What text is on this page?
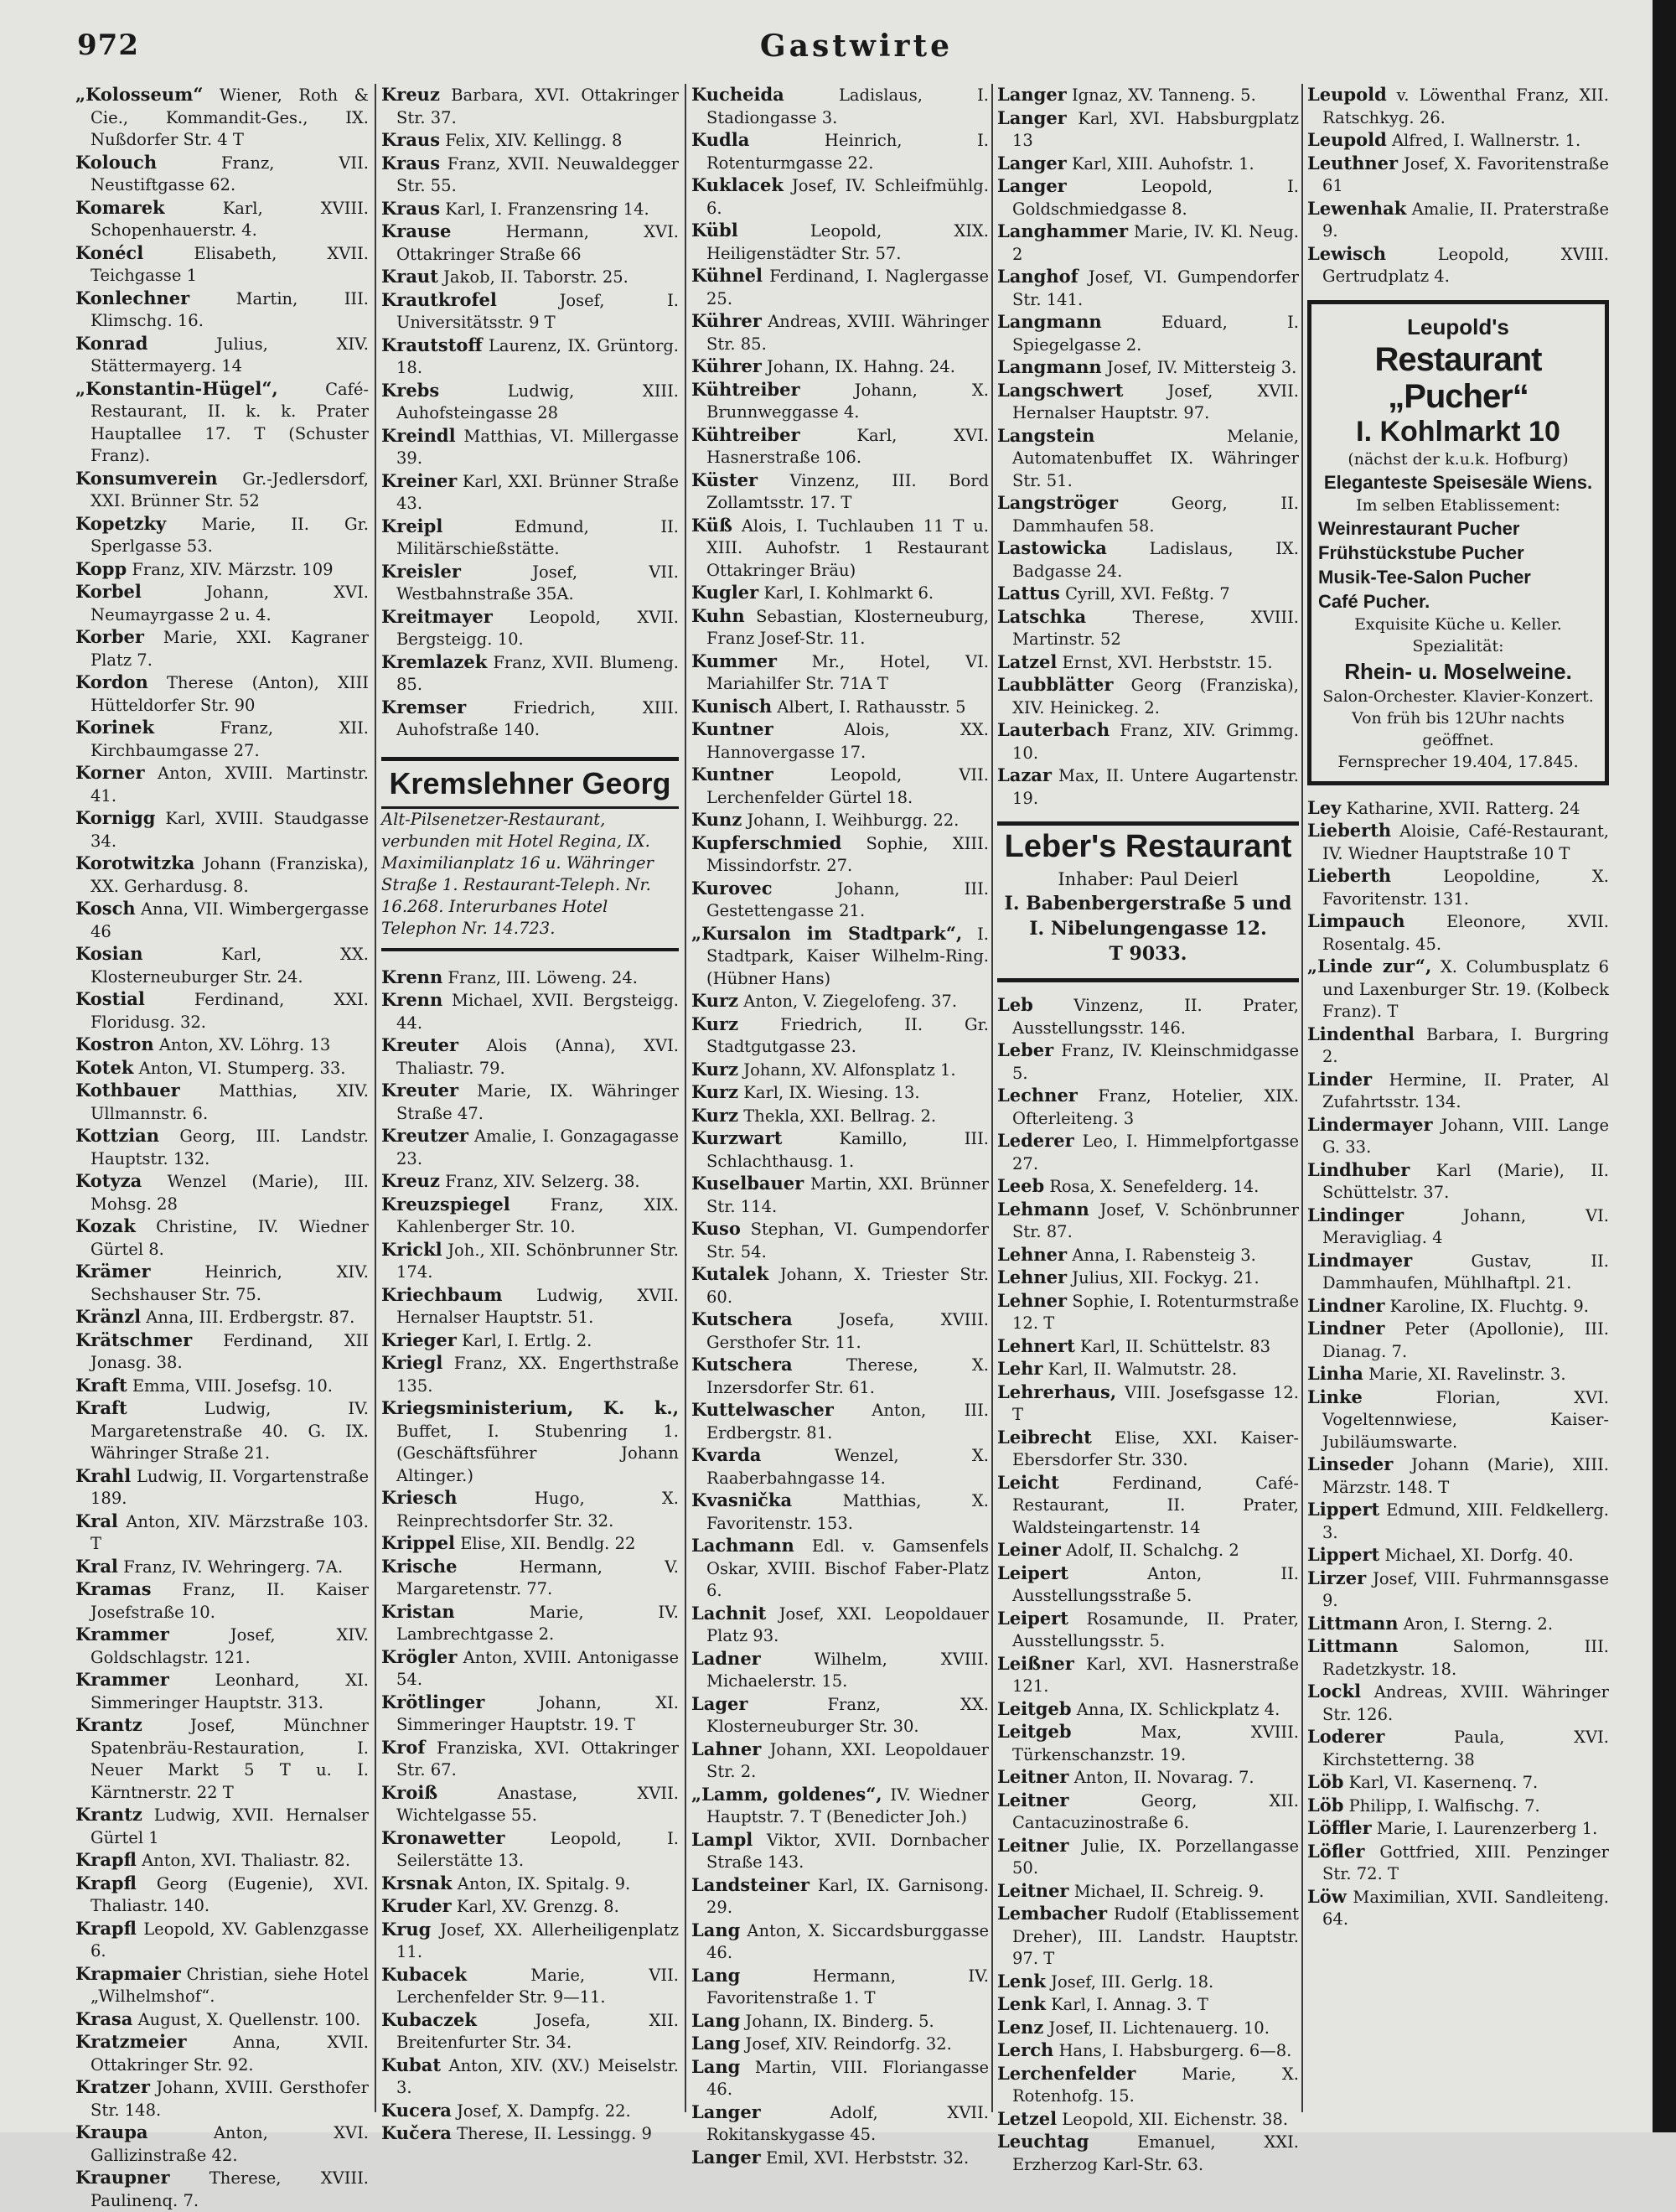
972	Gastwirte
„Kolosseum“ Wiener, Roth & Cie., Kommandit-Ges., IX. Nußdorfer Str. 4 T
Kolouch	Franz, VII. Neustiftgasse 62.
Komarek	Karl, XVIII. Schopenhauerstr. 4.
Konécl	Elisabeth, XVII. Teichgasse 1
Konlechner	Martin, III. Klimschg. 16.
Konrad	Julius, XIV. Stättermayerg. 14
„Konstantin-Hügel“,	Café-Restaurant, II. k. k. Prater Hauptallee 17. T (Schuster Franz).
Konsumverein Gr.-Jedlersdorf, XXI. Brünner Str. 52
Kopetzky Marie, II. Gr. Sperlgasse 53.
Kopp Franz, XIV. Märzstr. 109
Korbel	Johann, XVI. Neumayrgasse 2 u. 4.
Korber Marie, XXI. Kagraner Platz 7.
Kordon Therese (Anton), XIII Hütteldorfer Str. 90
Korinek	Franz, XII. Kirchbaumgasse 27.
Korner Anton, XVIII. Martinstr. 41.
Kornigg Karl, XVIII. Staudgasse 34.
Korotwitzka Johann (Franziska), XX. Gerhardusg. 8.
Kosch Anna, VII. Wimbergergasse 46
Kosian	Karl, XX. Klosterneuburger Str. 24.
Kostial	Ferdinand, XXI. Floridusg. 32.
Kostron Anton, XV. Löhrg. 13
Kotek Anton, VI. Stumperg. 33.
Kothbauer Matthias, XIV. Ullmannstr. 6.
Kottzian Georg, III. Landstr. Hauptstr. 132.
Kotyza Wenzel (Marie), III. Mohsg. 28
Kozak Christine, IV. Wiedner Gürtel 8.
Krämer	Heinrich, XIV. Sechshauser Str. 75.
Kränzl Anna, III. Erdbergstr. 87.
Krätschmer Ferdinand, XII Jonasg. 38.
Kraft Emma, VIII. Josefsg. 10.
Kraft	Ludwig, IV. Margaretenstraße 40. G. IX. Währinger Straße 21.
Krahl Ludwig, II. Vorgartenstraße 189.
Kral Anton, XIV. Märzstraße 103. T
Kral Franz, IV. Wehringerg. 7A.
Kramas Franz, II. Kaiser Josefstraße 10.
Krammer	Josef, XIV. Goldschlagstr. 121.
Krammer	Leonhard, XI. Simmeringer Hauptstr. 313.
Krantz	Josef, Münchner Spatenbräu-Restauration, I. Neuer Markt 5 T u. I. Kärntnerstr. 22 T
Krantz Ludwig, XVII. Hernalser Gürtel 1
Krapfl Anton, XVI. Thaliastr. 82.
Krapfl Georg (Eugenie), XVI. Thaliastr. 140.
Krapfl Leopold, XV. Gablenzgasse 6.
Krapmaier Christian, siehe Hotel „Wilhelmshof“.
Krasa August, X. Quellenstr. 100.
Kratzmeier	Anna, XVII. Ottakringer Str. 92.
Kratzer Johann, XVIII. Gersthofer Str. 148.
Kraupa	Anton, XVI. Gallizinstraße 42.
Kraupner Therese, XVIII. Paulinenq. 7.
Kreuz Barbara, XVI. Ottakringer Str. 37.
Kraus Felix, XIV. Kellingg. 8
Kraus Franz, XVII. Neuwaldegger Str. 55.
Kraus Karl, I. Franzensring 14.
Krause	Hermann, XVI. Ottakringer Straße 66
Kraut Jakob, II. Taborstr. 25.
Krautkrofel	Josef, I. Universitätsstr. 9 T
Krautstoff Laurenz, IX. Grüntorg. 18.
Krebs	Ludwig, XIII. Auhofsteingasse 28
Kreindl Matthias, VI. Millergasse 39.
Kreiner Karl, XXI. Brünner Straße 43.
Kreipl	Edmund, II. Militärschießstätte.
Kreisler	Josef, VII. Westbahnstraße 35A.
Kreitmayer Leopold, XVII. Bergsteigg. 10.
Kremlazek Franz, XVII. Blumeng. 85.
Kremser	Friedrich, XIII. Auhofstraße 140.
Kremslehner Georg
Alt-Pilsenetzer-Restaurant, verbunden mit Hotel Regina, IX. Maximilianplatz 16 u. Währinger Straße 1. Restaurant-Teleph. Nr. 16.268. Interurbanes Hotel Telephon Nr. 14.723.
Krenn Franz, III. Löweng. 24.
Krenn Michael, XVII. Bergsteigg. 44.
Kreuter Alois (Anna), XVI. Thaliastr. 79.
Kreuter Marie, IX. Währinger Straße 47.
Kreutzer Amalie, I. Gonzagagasse 23.
Kreuz Franz, XIV. Selzerg. 38.
Kreuzspiegel Franz, XIX. Kahlenberger Str. 10.
Krickl Joh., XII. Schönbrunner Str. 174.
Kriechbaum Ludwig, XVII. Hernalser Hauptstr. 51.
Krieger Karl, I. Ertlg. 2.
Kriegl Franz, XX. Engerthstraße 135.
Kriegsministerium, K. k., Buffet, I. Stubenring 1. (Geschäftsführer Johann Altinger.)
Kriesch	Hugo, X. Reinprechtsdorfer Str. 32.
Krippel Elise, XII. Bendlg. 22
Krische	Hermann, V. Margaretenstr. 77.
Kristan	Marie, IV. Lambrechtgasse 2.
Krögler Anton, XVIII. Antonigasse 54.
Krötlinger	Johann, XI. Simmeringer Hauptstr. 19. T
Krof Franziska, XVI. Ottakringer Str. 67.
Kroiß	Anastase, XVII. Wichtelgasse 55.
Kronawetter	Leopold, I. Seilerstätte 13.
Krsnak Anton, IX. Spitalg. 9.
Kruder Karl, XV. Grenzg. 8.
Krug Josef, XX. Allerheiligenplatz 11.
Kubacek	Marie, VII. Lerchenfelder Str. 9—11.
Kubaczek	Josefa, XII. Breitenfurter Str. 34.
Kubat Anton, XIV. (XV.) Meiselstr. 3.
Kucera Josef, X. Dampfg. 22.
Kučera Therese, II. Lessingg. 9
Kucheida	Ladislaus, I. Stadiongasse 3.
Kudla	Heinrich, I. Rotenturmgasse 22.
Kuklacek Josef, IV. Schleifmühlg. 6.
Kübl	Leopold, XIX. Heiligenstädter Str. 57.
Kühnel Ferdinand, I. Naglergasse 25.
Kührer Andreas, XVIII. Währinger Str. 85.
Kührer Johann, IX. Hahng. 24.
Kühtreiber	Johann, X. Brunnweggasse 4.
Kühtreiber	Karl, XVI. Hasnerstraße 106.
Küster Vinzenz, III. Bord Zollamtsstr. 17. T
Küß Alois, I. Tuchlauben 11 T u. XIII. Auhofstr. 1 Restaurant Ottakringer Bräu)
Kugler Karl, I. Kohlmarkt 6.
Kuhn Sebastian, Klosterneuburg, Franz Josef-Str. 11.
Kummer Mr., Hotel, VI. Mariahilfer Str. 71A T
Kunisch Albert, I. Rathausstr. 5
Kuntner	Alois, XX. Hannovergasse 17.
Kuntner	Leopold, VII. Lerchenfelder Gürtel 18.
Kunz Johann, I. Weihburgg. 22.
Kupferschmied Sophie, XIII. Missindorfstr. 27.
Kurovec	Johann, III. Gestettengasse 21.
„Kursalon im Stadtpark“, I. Stadtpark, Kaiser Wilhelm-Ring. (Hübner Hans)
Kurz Anton, V. Ziegelofeng. 37.
Kurz	Friedrich, II. Gr. Stadtgutgasse 23.
Kurz Johann, XV. Alfonsplatz 1.
Kurz Karl, IX. Wiesing. 13.
Kurz Thekla, XXI. Bellrag. 2.
Kurzwart	Kamillo, III. Schlachthausg. 1.
Kuselbauer Martin, XXI. Brünner Str. 114.
Kuso Stephan, VI. Gumpendorfer Str. 54.
Kutalek Johann, X. Triester Str. 60.
Kutschera	Josefa, XVIII. Gersthofer Str. 11.
Kutschera	Therese, X. Inzersdorfer Str. 61.
Kuttelwascher Anton, III. Erdbergstr. 81.
Kvarda	Wenzel, X. Raaberbahngasse 14.
Kvasnička	Matthias, X. Favoritenstr. 153.
Lachmann Edl. v. Gamsenfels Oskar, XVIII. Bischof Faber-Platz 6.
Lachnit Josef, XXI. Leopoldauer Platz 93.
Ladner	Wilhelm, XVIII. Michaelerstr. 15.
Lager	Franz, XX. Klosterneuburger Str. 30.
Lahner Johann, XXI. Leopoldauer Str. 2.
„Lamm, goldenes“, IV. Wiedner Hauptstr. 7. T (Benedicter Joh.)
Lampl Viktor, XVII. Dornbacher Straße 143.
Landsteiner Karl, IX. Garnisong. 29.
Lang Anton, X. Siccardsburggasse 46.
Lang	Hermann, IV. Favoritenstraße 1. T
Lang Johann, IX. Binderg. 5.
Lang Josef, XIV. Reindorfg. 32.
Lang Martin, VIII. Floriangasse 46.
Langer	Adolf, XVII. Rokitanskygasse 45.
Langer Emil, XVI. Herbststr. 32.
Langer Ignaz, XV. Tanneng. 5.
Langer Karl, XVI. Habsburgplatz 13
Langer Karl, XIII. Auhofstr. 1.
Langer	Leopold, I. Goldschmiedgasse 8.
Langhammer Marie, IV. Kl. Neug. 2
Langhof Josef, VI. Gumpendorfer Str. 141.
Langmann	Eduard, I. Spiegelgasse 2.
Langmann Josef, IV. Mittersteig 3.
Langschwert	Josef, XVII. Hernalser Hauptstr. 97.
Langstein	Melanie, Automatenbuffet IX. Währinger Str. 51.
Langströger	Georg, II. Dammhaufen 58.
Lastowicka	Ladislaus, IX. Badgasse 24.
Lattus Cyrill, XVI. Feßtg. 7
Latschka	Therese, XVIII. Martinstr. 52
Latzel Ernst, XVI. Herbststr. 15.
Laubblätter Georg (Franziska), XIV. Heinickeg. 2.
Lauterbach Franz, XIV. Grimmg. 10.
Lazar Max, II. Untere Augartenstr. 19.
Leber's Restaurant
Inhaber: Paul Deierl
I. Babenbergerstraße 5 und I. Nibelungengasse 12.
T 9033.
Leb Vinzenz, II. Prater, Ausstellungsstr. 146.
Leber Franz, IV. Kleinschmidgasse 5.
Lechner Franz, Hotelier, XIX. Ofterleiteng. 3
Lederer Leo, I. Himmelpfortgasse 27.
Leeb Rosa, X. Senefelderg. 14.
Lehmann Josef, V. Schönbrunner Str. 87.
Lehner Anna, I. Rabensteig 3.
Lehner Julius, XII. Fockyg. 21.
Lehner Sophie, I. Rotenturmstraße 12. T
Lehnert Karl, II. Schüttelstr. 83
Lehr Karl, II. Walmutstr. 28.
Lehrerhaus, VIII. Josefsgasse 12. T
Leibrecht Elise, XXI. Kaiser-Ebersdorfer Str. 330.
Leicht	Ferdinand, Café-Restaurant, II. Prater, Waldsteingartenstr. 14
Leiner Adolf, II. Schalchg. 2
Leipert	Anton, II. Ausstellungsstraße 5.
Leipert Rosamunde, II. Prater, Ausstellungsstr. 5.
Leißner Karl, XVI. Hasnerstraße 121.
Leitgeb Anna, IX. Schlickplatz 4.
Leitgeb	Max, XVIII. Türkenschanzstr. 19.
Leitner Anton, II. Novarag. 7.
Leitner	Georg, XII. Cantacuzinostraße 6.
Leitner Julie, IX. Porzellangasse 50.
Leitner Michael, II. Schreig. 9.
Lembacher Rudolf (Etablissement Dreher), III. Landstr. Hauptstr. 97. T
Lenk Josef, III. Gerlg. 18.
Lenk Karl, I. Annag. 3. T
Lenz Josef, II. Lichtenauerg. 10.
Lerch Hans, I. Habsburgerg. 6—8.
Lerchenfelder	Marie, X. Rotenhofg. 15.
Letzel Leopold, XII. Eichenstr. 38.
Leuchtag	Emanuel, XXI. Erzherzog Karl-Str. 63.
Leupold v. Löwenthal Franz, XII. Ratschkyg. 26.
Leupold Alfred, I. Wallnerstr. 1.
Leuthner Josef, X. Favoritenstraße 61
Lewenhak Amalie, II. Praterstraße 9.
Lewisch	Leopold, XVIII. Gertrudplatz 4.
Leupold's
Restaurant „Pucher“
I. Kohlmarkt 10
(nächst der k.u.k. Hofburg)
Eleganteste Speisesäle Wiens.
Im selben Etablissement:
Weinrestaurant Pucher
Frühstückstube Pucher
Musik-Tee-Salon Pucher
Café Pucher.
Exquisite Küche u. Keller. Spezialität:
Rhein- u. Moselweine.
Salon-Orchester. Klavier-Konzert. Von früh bis 12Uhr nachts geöffnet.
Fernsprecher 19.404, 17.845.
Ley Katharine, XVII. Ratterg. 24
Lieberth Aloisie, Café-Restaurant, IV. Wiedner Hauptstraße 10 T
Lieberth	Leopoldine, X. Favoritenstr. 131.
Limpauch	Eleonore, XVII. Rosentalg. 45.
„Linde zur“, X. Columbusplatz 6 und Laxenburger Str. 19. (Kolbeck Franz). T
Lindenthal Barbara, I. Burgring 2.
Linder Hermine, II. Prater, Al Zufahrtsstr. 134.
Lindermayer Johann, VIII. Lange G. 33.
Lindhuber Karl (Marie), II. Schüttelstr. 37.
Lindinger	Johann, VI. Meravigliag. 4
Lindmayer	Gustav, II. Dammhaufen, Mühlhaftpl. 21.
Lindner Karoline, IX. Fluchtg. 9.
Lindner Peter (Apollonie), III. Dianag. 7.
Linha Marie, XI. Ravelinstr. 3.
Linke	Florian, XVI. Vogeltennwiese, Kaiser-Jubiläumswarte.
Linseder Johann (Marie), XIII. Märzstr. 148. T
Lippert Edmund, XIII. Feldkellerg. 3.
Lippert Michael, XI. Dorfg. 40.
Lirzer Josef, VIII. Fuhrmannsgasse 9.
Littmann Aron, I. Sterng. 2.
Littmann	Salomon, III. Radetzkystr. 18.
Lockl Andreas, XVIII. Währinger Str. 126.
Loderer	Paula, XVI. Kirchstetterng. 38
Löb Karl, VI. Kasernenq. 7.
Löb Philipp, I. Walfischg. 7.
Löffler Marie, I. Laurenzerberg 1.
Löfler Gottfried, XIII. Penzinger Str. 72. T
Löw Maximilian, XVII. Sandleiteng. 64.
